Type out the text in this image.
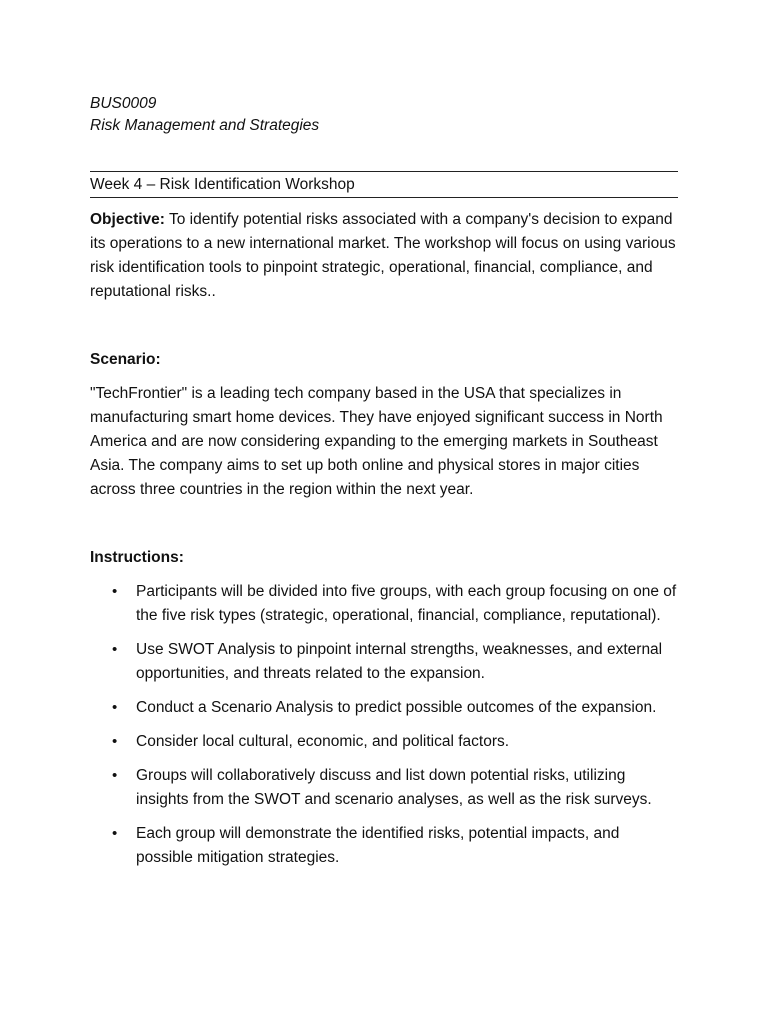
BUS0009
Risk Management and Strategies
Week 4 – Risk Identification Workshop

Objective: To identify potential risks associated with a company's decision to expand its operations to a new international market. The workshop will focus on using various risk identification tools to pinpoint strategic, operational, financial, compliance, and reputational risks..

Scenario:

"TechFrontier" is a leading tech company based in the USA that specializes in manufacturing smart home devices. They have enjoyed significant success in North America and are now considering expanding to the emerging markets in Southeast Asia. The company aims to set up both online and physical stores in major cities across three countries in the region within the next year.

Instructions:

• Participants will be divided into five groups, with each group focusing on one of the five risk types (strategic, operational, financial, compliance, reputational).
• Use SWOT Analysis to pinpoint internal strengths, weaknesses, and external opportunities, and threats related to the expansion.
• Conduct a Scenario Analysis to predict possible outcomes of the expansion.
• Consider local cultural, economic, and political factors.
• Groups will collaboratively discuss and list down potential risks, utilizing insights from the SWOT and scenario analyses, as well as the risk surveys.
• Each group will demonstrate the identified risks, potential impacts, and possible mitigation strategies.
